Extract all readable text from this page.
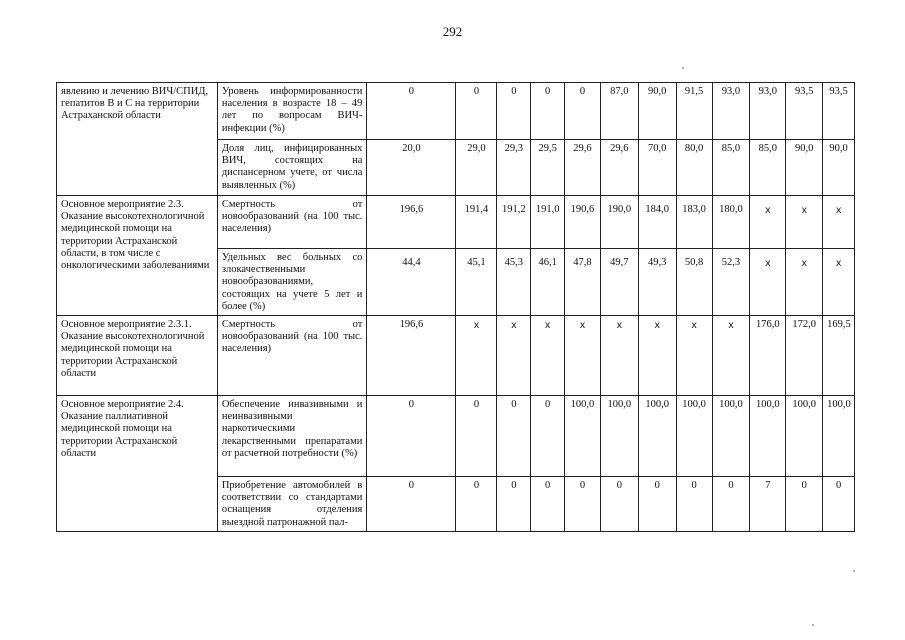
292
явлению и лечению ВИЧ/СПИД, гепатитов В и С на территории Астраханской области	Уровень информированности населения в возрасте 18 – 49 лет по вопросам ВИЧ-инфекции (%)	0	0	0	0	0	87,0	90,0	91,5	93,0	93,0	93,5	93,5
	Доля лиц, инфицированных ВИЧ, состоящих на диспансерном учете, от числа выявленных (%)	20,0	29,0	29,3	29,5	29,6	29,6	70,0	80,0	85,0	85,0	90,0	90,0
Основное мероприятие 2.3. Оказание высокотехнологичной медицинской помощи на территории Астраханской области, в том числе с онкологическими заболеваниями	Смертность от новообразований (на 100 тыс. населения)	196,6	191,4	191,2	191,0	190,6	190,0	184,0	183,0	180,0	х	х	х
	Удельных вес больных со злокачественными новообразованиями, состоящих на учете 5 лет и более (%)	44,4	45,1	45,3	46,1	47,8	49,7	49,3	50,8	52,3	х	х	х
Основное мероприятие 2.3.1. Оказание высокотехнологичной медицинской помощи на территории Астраханской области	Смертность от новообразований (на 100 тыс. населения)	196,6	х	х	х	х	х	х	х	х	176,0	172,0	169,5
Основное мероприятие 2.4. Оказание паллиативной медицинской помощи на территории Астраханской области	Обеспечение инвазивными и неинвазивными наркотическими лекарственными препаратами от расчетной потребности (%)	0	0	0	0	100,0	100,0	100,0	100,0	100,0	100,0	100,0	100,0
	Приобретение автомобилей в соответствии со стандартами оснащения отделения выездной патронажной пал-	0	0	0	0	0	0	0	0	0	7	0	0
